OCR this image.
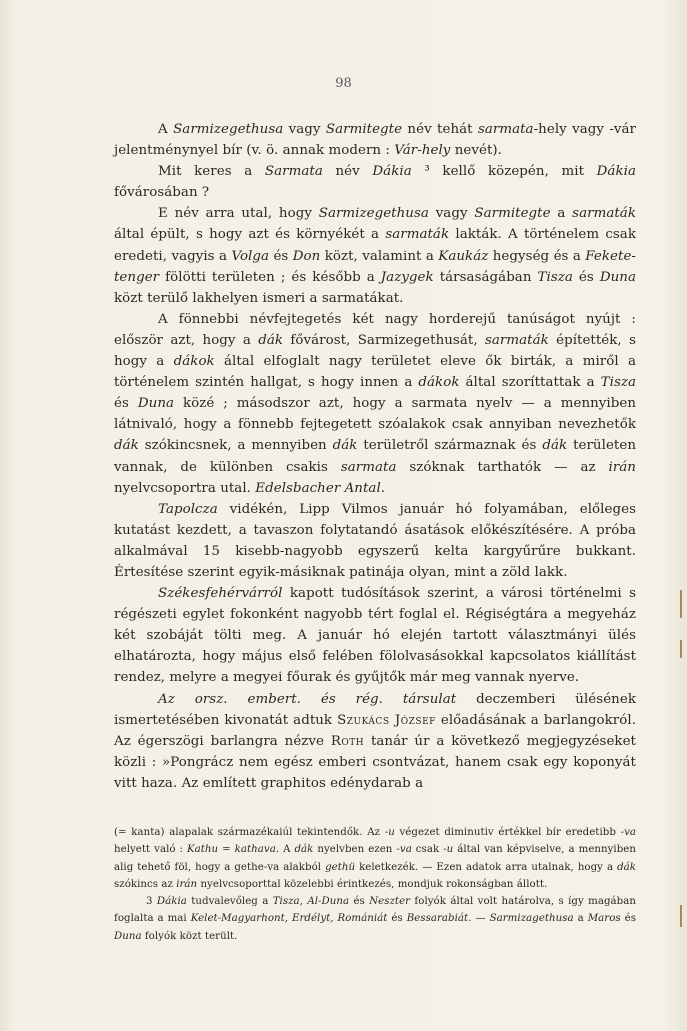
98

A Sarmizegethusa vagy Sarmitegte név tehát sarmata-hely vagy -vár jelentménynyel bír (v. ö. annak modern : Vár-hely nevét).

Mit keres a Sarmata név Dákia ³ kellő közepén, mit Dákia fővárosában ?

E név arra utal, hogy Sarmizegethusa vagy Sarmitegte a sarmaták által épült, s hogy azt és környékét a sarmaták lakták. A történelem csak eredeti, vagyis a Volga és Don közt, valamint a Kaukáz hegység és a Fekete-tenger fölötti területen ; és később a Jazygek társaságában Tisza és Duna közt terülő lakhelyen ismeri a sarmatákat.

A fönnebbi névfejtegetés két nagy horderejű tanúságot nyújt : először azt, hogy a dák fővárost, Sarmizegethusát, sarmaták építették, s hogy a dákok által elfoglalt nagy területet eleve ők birták, a miről a történelem szintén hallgat, s hogy innen a dákok által szoríttattak a Tisza és Duna közé ; másodszor azt, hogy a sarmata nyelv — a mennyiben látnivaló, hogy a fönnebb fejtegetett szóalakok csak annyiban nevezhetők dák szókincsnek, a mennyiben dák területről származnak és dák területen vannak, de különben csakis sarmata szóknak tarthatók — az irán nyelvcsoportra utal. Edelsbacher Antal.

Tapolcza vidékén, Lipp Vilmos január hó folyamában, előleges kutatást kezdett, a tavaszon folytatandó ásatások előkészítésére. A próba alkalmával 15 kisebb-nagyobb egyszerű kelta kargyűrűre bukkant. Értesítése szerint egyik-másiknak patinája olyan, mint a zöld lakk.

Székesfehérvárról kapott tudósítások szerint, a városi történelmi s régészeti egylet fokonként nagyobb tért foglal el. Régiségtára a megyeház két szobáját tölti meg. A január hó elején tartott választmányi ülés elhatározta, hogy május első felében fölolvasásokkal kapcsolatos kiállítást rendez, melyre a megyei főurak és gyűjtők már meg vannak nyerve.

Az orsz. embert. és rég. társulat deczemberi ülésének ismertetésében kivonatát adtuk Szukács József előadásának a barlangokról. Az égerszögi barlangra nézve Roth tanár úr a következő megjegyzéseket közli : »Pongrácz nem egész emberi csontvázat, hanem csak egy koponyát vitt haza. Az említett graphitos edénydarab a

(= kanta) alapalak származékaiúl tekintendők. Az -u végezet diminutiv értékkel bír eredetibb -va helyett való : Kathu = kathava. A dák nyelvben ezen -va csak -u által van képviselve, a mennyiben alig tehető föl, hogy a gethe-va alakból gethü keletkezék. — Ezen adatok arra utalnak, hogy a dák szókincs az irán nyelvcsoporttal közelebbi érintkezés, mondjuk rokonságban állott.

3 Dákia tudvalevőleg a Tisza, Al-Duna és Neszter folyók által volt határolva, s így magában foglalta a mai Kelet-Magyarhont, Erdélyt, Romániát és Bessarabiát. — Sarmizagethusa a Maros és Duna folyók közt terült.
